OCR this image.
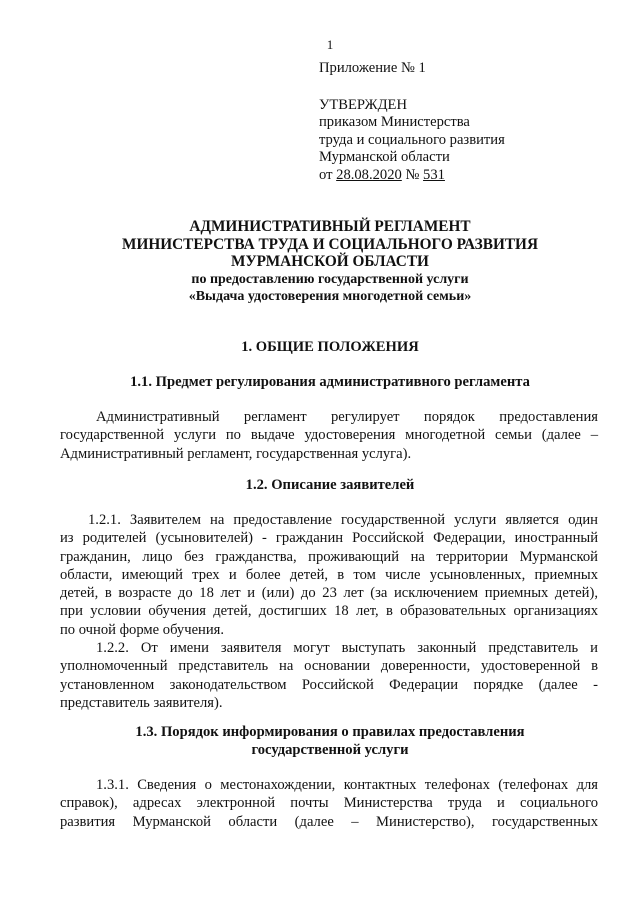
1
Приложение № 1
УТВЕРЖДЕН
приказом Министерства
труда и социального развития
Мурманской области
от 28.08.2020 № 531
АДМИНИСТРАТИВНЫЙ РЕГЛАМЕНТ
МИНИСТЕРСТВА ТРУДА И СОЦИАЛЬНОГО РАЗВИТИЯ
МУРМАНСКОЙ ОБЛАСТИ
по предоставлению государственной услуги
«Выдача удостоверения многодетной семьи»
1. ОБЩИЕ ПОЛОЖЕНИЯ
1.1. Предмет регулирования административного регламента
Административный регламент регулирует порядок предоставления
государственной услуги по выдаче удостоверения многодетной семьи (далее –
Административный регламент, государственная услуга).
1.2. Описание заявителей
1.2.1. Заявителем на предоставление государственной услуги является один
из родителей (усыновителей) - гражданин Российской Федерации, иностранный
гражданин, лицо без гражданства, проживающий на территории Мурманской
области, имеющий трех и более детей, в том числе усыновленных, приемных
детей, в возрасте до 18 лет и (или) до 23 лет (за исключением приемных детей),
при условии обучения детей, достигших 18 лет, в образовательных организациях
по очной форме обучения.
1.2.2. От имени заявителя могут выступать законный представитель и
уполномоченный представитель на основании доверенности, удостоверенной в
установленном законодательством Российской Федерации порядке (далее -
представитель заявителя).
1.3. Порядок информирования о правилах предоставления
государственной услуги
1.3.1. Сведения о местонахождении, контактных телефонах (телефонах для
справок), адресах электронной почты Министерства труда и социального
развития Мурманской области (далее – Министерство), государственных
